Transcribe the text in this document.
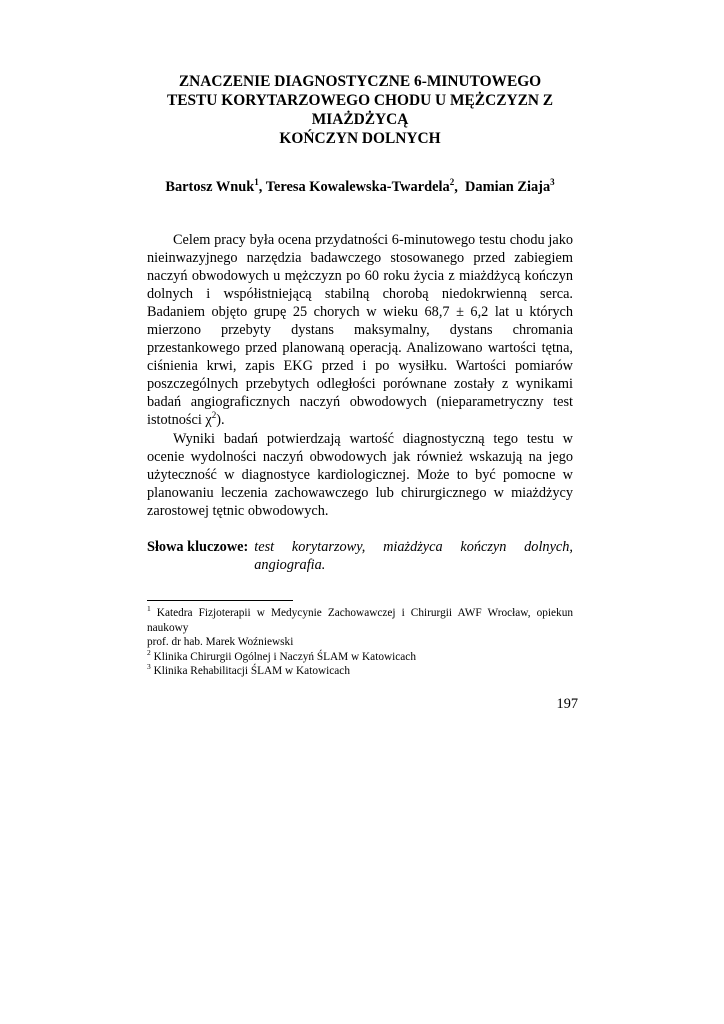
ZNACZENIE DIAGNOSTYCZNE 6-MINUTOWEGO
TESTU KORYTARZOWEGO CHODU U MĘŻCZYZN Z
MIAŻDŻYCĄ
KOŃCZYN DOLNYCH
Bartosz Wnuk$^1$, Teresa Kowalewska-Twardela$^2$,  Damian Ziaja$^3$

Celem pracy była ocena przydatności 6-minutowego testu chodu jako nieinwazyjnego narzędzia badawczego stosowanego przed zabiegiem naczyń obwodowych u mężczyzn po 60 roku życia z miażdżycą kończyn dolnych i współistniejącą stabilną chorobą niedokrwienną serca. Badaniem objęto grupę 25 chorych w wieku 68,7 ± 6,2 lat u których mierzono przebyty dystans maksymalny, dystans chromania przestankowego przed planowaną operacją. Analizowano wartości tętna, ciśnienia krwi, zapis EKG przed i po wysiłku. Wartości pomiarów poszczególnych przebytych odległości porównane zostały z wynikami badań angiograficznych naczyń obwodowych (nieparametryczny test istotności $\chi^2$).

Wyniki badań potwierdzają wartość diagnostyczną tego testu w ocenie wydolności naczyń obwodowych jak również wskazują na jego użyteczność w diagnostyce kardiologicznej. Może to być pomocne w planowaniu leczenia zachowawczego lub chirurgicznego w miażdżycy zarostowej tętnic obwodowych.

Słowa kluczowe: test korytarzowy, miażdżyca kończyn dolnych, angiografia.

$^1$ Katedra Fizjoterapii w Medycynie Zachowawczej i Chirurgii AWF Wrocław, opiekun naukowy

prof. dr hab. Marek Woźniewski

$^2$ Klinika Chirurgii Ogólnej i Naczyń ŚLAM w Katowicach

$^3$ Klinika Rehabilitacji ŚLAM w Katowicach

197
